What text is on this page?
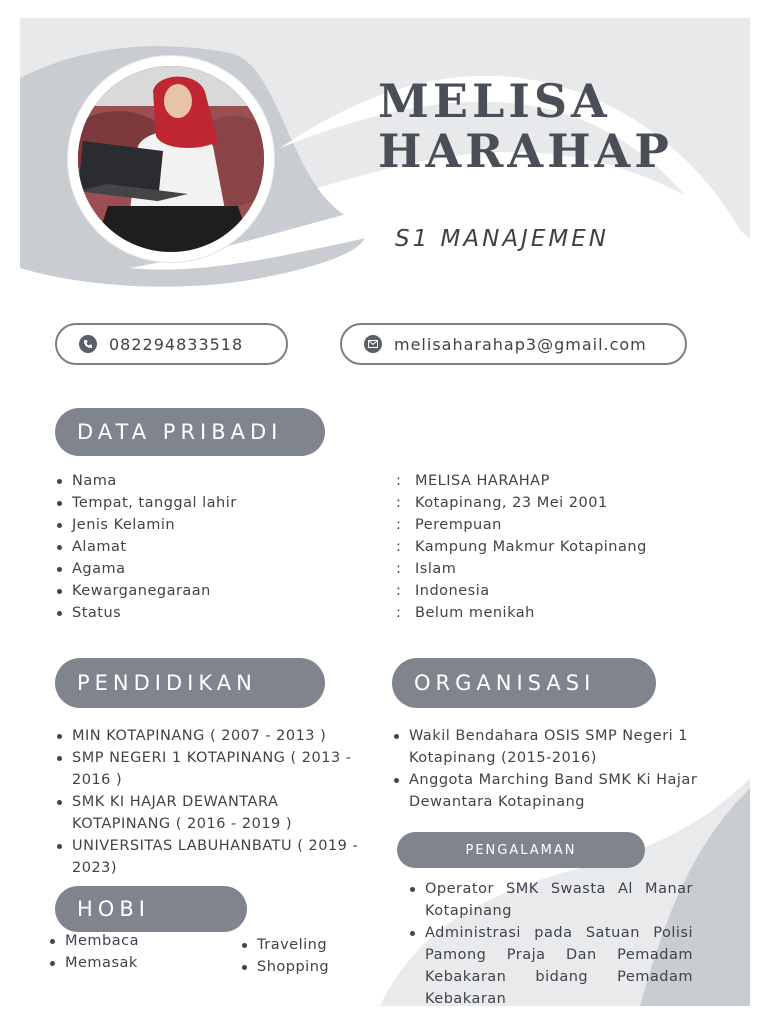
MELISA
HARAHAP
S1 MANAJEMEN
082294833518	melisaharahap3@gmail.com
DATA PRIBADI
Nama
Tempat, tanggal lahir
Jenis Kelamin
Alamat
Agama
Kewarganegaraan
Status
: MELISA HARAHAP
: Kotapinang, 23 Mei 2001
: Perempuan
: Kampung Makmur Kotapinang
: Islam
: Indonesia
: Belum menikah
PENDIDIKAN
MIN KOTAPINANG ( 2007 - 2013 )
SMP NEGERI 1 KOTAPINANG ( 2013 - 2016 )
SMK KI HAJAR DEWANTARA KOTAPINANG ( 2016 - 2019 )
UNIVERSITAS LABUHANBATU ( 2019 - 2023)
ORGANISASI
Wakil Bendahara OSIS SMP Negeri 1 Kotapinang (2015-2016)
Anggota Marching Band SMK Ki Hajar Dewantara Kotapinang
PENGALAMAN
Operator SMK Swasta Al Manar Kotapinang
Administrasi pada Satuan Polisi Pamong Praja Dan Pemadam Kebakaran bidang Pemadam Kebakaran
HOBI
Membaca
Memasak
Traveling
Shopping
